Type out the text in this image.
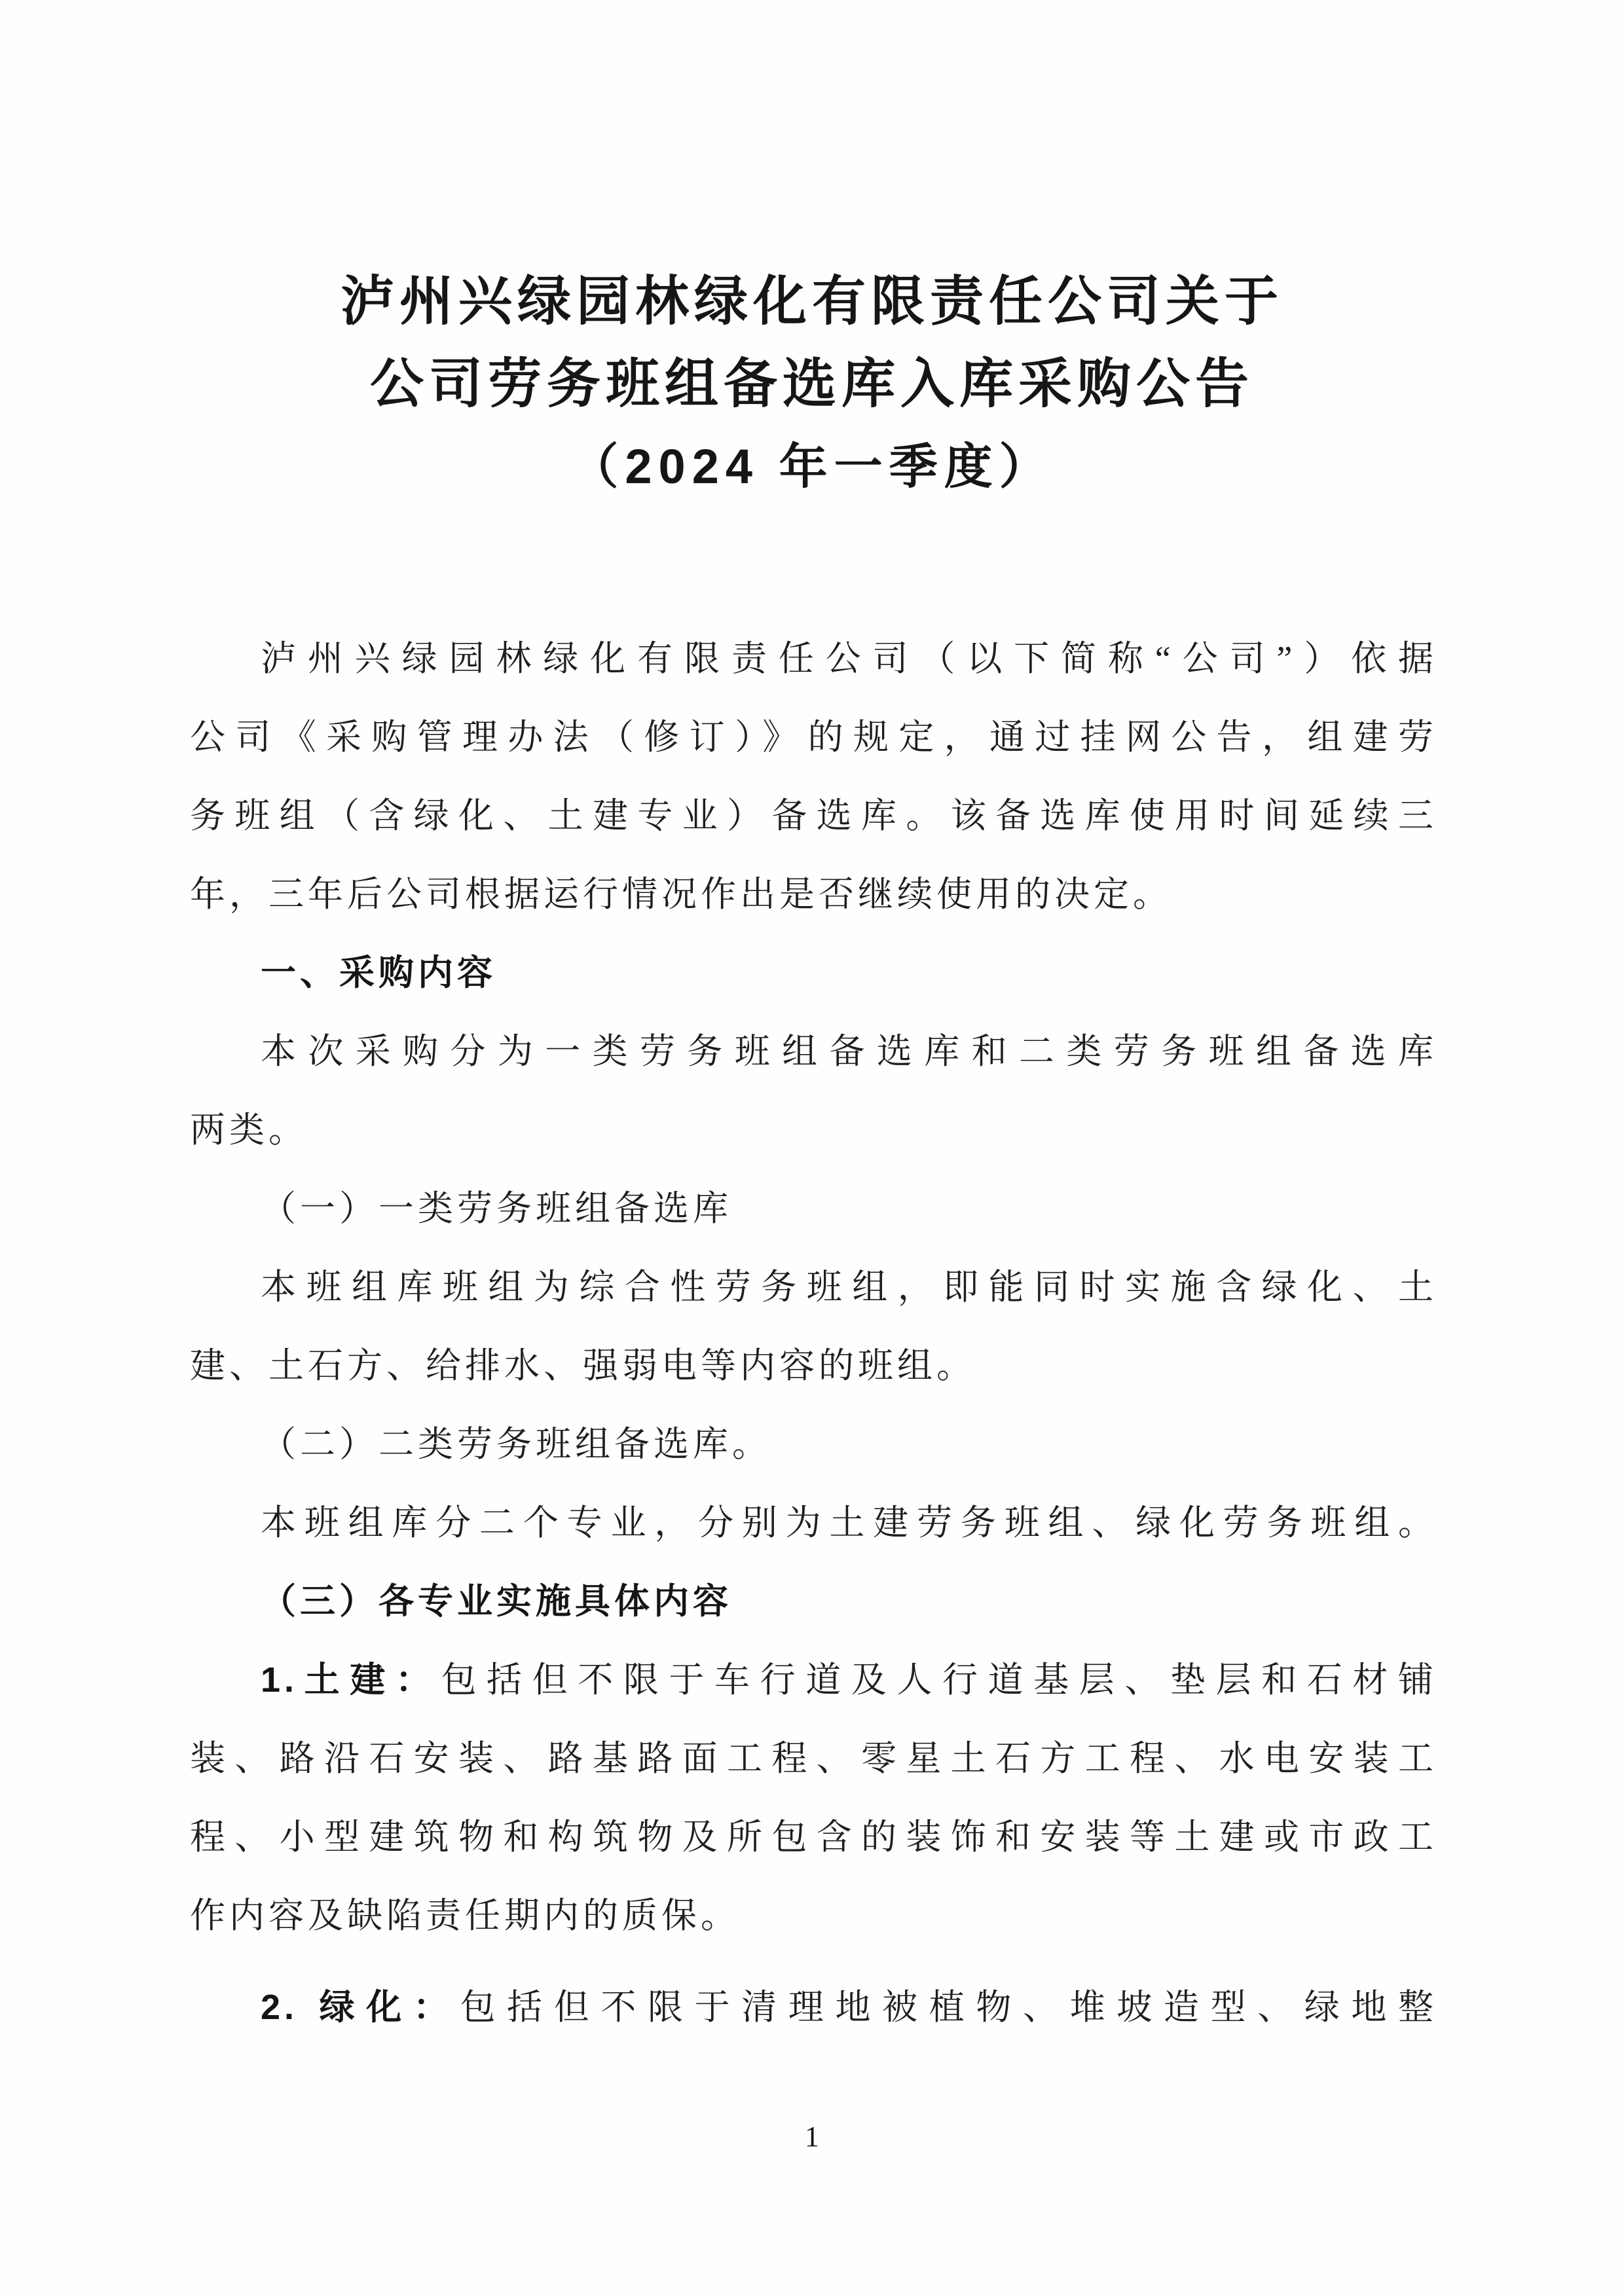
泸州兴绿园林绿化有限责任公司关于
公司劳务班组备选库入库采购公告
（2024 年一季度）
泸州兴绿园林绿化有限责任公司（以下简称“公司”）依据
公司《采购管理办法（修订）》的规定，通过挂网公告，组建劳
务班组（含绿化、土建专业）备选库。该备选库使用时间延续三
年，三年后公司根据运行情况作出是否继续使用的决定。
一、采购内容
本次采购分为一类劳务班组备选库和二类劳务班组备选库
两类。
（一）一类劳务班组备选库
本班组库班组为综合性劳务班组，即能同时实施含绿化、土
建、土石方、给排水、强弱电等内容的班组。
（二）二类劳务班组备选库。
本班组库分二个专业，分别为土建劳务班组、绿化劳务班组。
（三）各专业实施具体内容
1.土建：包括但不限于车行道及人行道基层、垫层和石材铺
装、路沿石安装、路基路面工程、零星土石方工程、水电安装工
程、小型建筑物和构筑物及所包含的装饰和安装等土建或市政工
作内容及缺陷责任期内的质保。
2. 绿化：包括但不限于清理地被植物、堆坡造型、绿地整
1
